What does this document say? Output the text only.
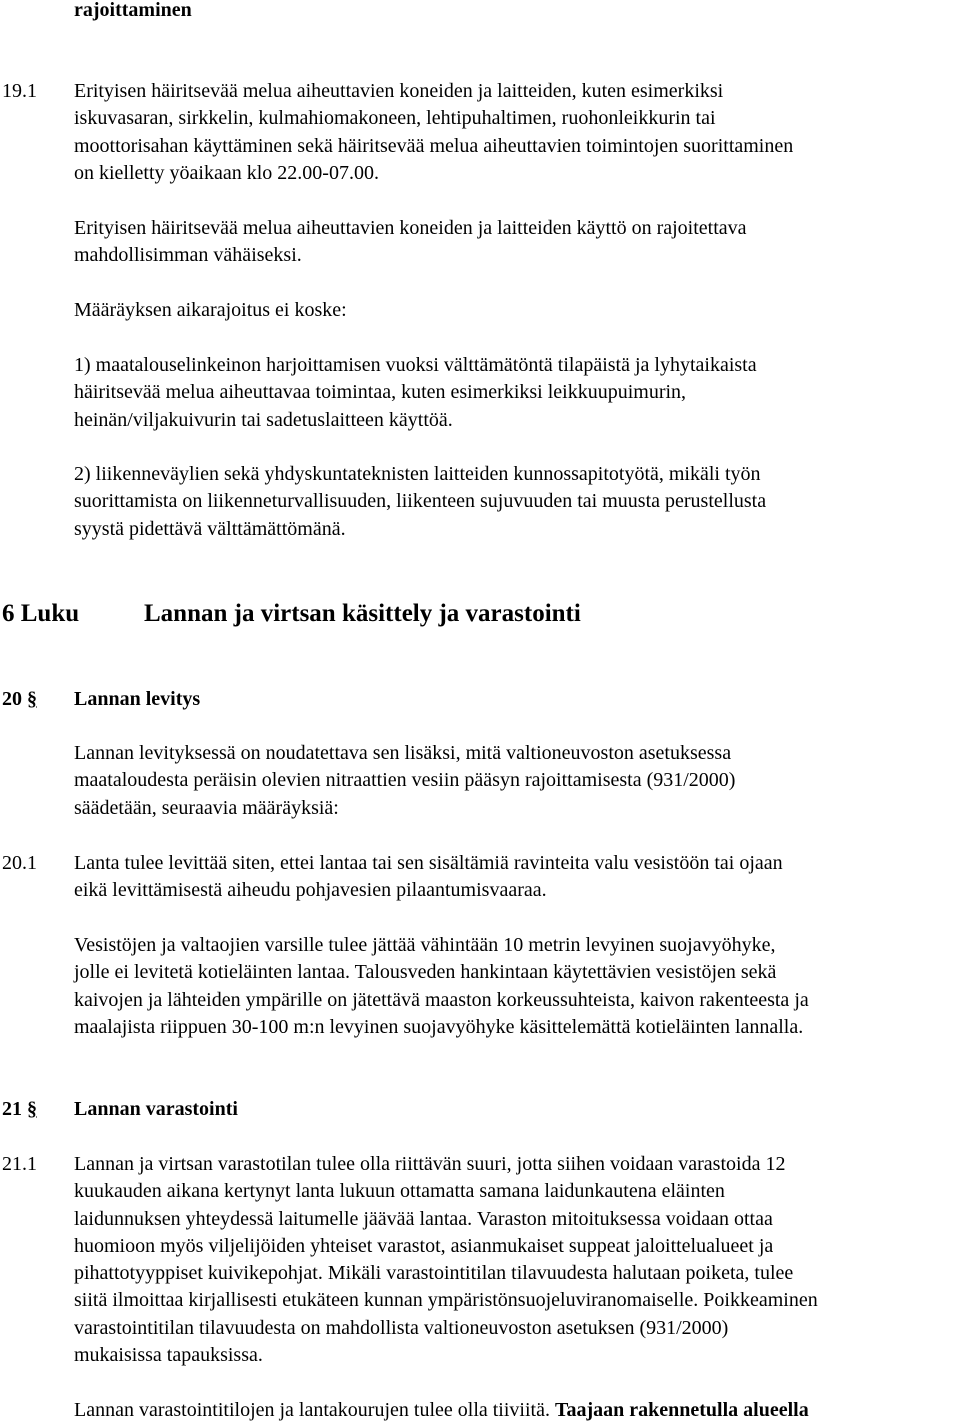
rajoittaminen
19.1 Erityisen häiritsevää melua aiheuttavien koneiden ja laitteiden, kuten esimerkiksi
iskuvasaran, sirkkelin, kulmahiomakoneen, lehtipuhaltimen, ruohonleikkurin tai
moottorisahan käyttäminen sekä häiritsevää melua aiheuttavien toimintojen suorittaminen
on kielletty yöaikaan klo 22.00-07.00.
Erityisen häiritsevää melua aiheuttavien koneiden ja laitteiden käyttö on rajoitettava
mahdollisimman vähäiseksi.
Määräyksen aikarajoitus ei koske:
1) maatalouselinkeinon harjoittamisen vuoksi välttämätöntä tilapäistä ja lyhytaikaista
häiritsevää melua aiheuttavaa toimintaa, kuten esimerkiksi leikkuupuimurin,
heinän/viljakuivurin tai sadetuslaitteen käyttöä.
2) liikenneväylien sekä yhdyskuntateknisten laitteiden kunnossapitotyötä, mikäli työn
suorittamista on liikenneturvallisuuden, liikenteen sujuvuuden tai muusta perustellusta
syystä pidettävä välttämättömänä.
6 Luku	Lannan ja virtsan käsittely ja varastointi
20 § Lannan levitys
Lannan levityksessä on noudatettava sen lisäksi, mitä valtioneuvoston asetuksessa
maataloudesta peräisin olevien nitraattien vesiin pääsyn rajoittamisesta (931/2000)
säädetään, seuraavia määräyksiä:
20.1 Lanta tulee levittää siten, ettei lantaa tai sen sisältämiä ravinteita valu vesistöön tai ojaan
eikä levittämisestä aiheudu pohjavesien pilaantumisvaaraa.
Vesistöjen ja valtaojien varsille tulee jättää vähintään 10 metrin levyinen suojavyöhyke,
jolle ei levitetä kotieläinten lantaa. Talousveden hankintaan käytettävien vesistöjen sekä
kaivojen ja lähteiden ympärille on jätettävä maaston korkeussuhteista, kaivon rakenteesta ja
maalajista riippuen 30-100 m:n levyinen suojavyöhyke käsittelemättä kotieläinten lannalla.
21 § Lannan varastointi
21.1 Lannan ja virtsan varastotilan tulee olla riittävän suuri, jotta siihen voidaan varastoida 12
kuukauden aikana kertynyt lanta lukuun ottamatta samana laidunkautena eläinten
laidunnuksen yhteydessä laitumelle jäävää lantaa. Varaston mitoituksessa voidaan ottaa
huomioon myös viljelijöiden yhteiset varastot, asianmukaiset suppeat jaloittelualueet ja
pihattotyyppiset kuivikepohjat. Mikäli varastointitilan tilavuudesta halutaan poiketa, tulee
siitä ilmoittaa kirjallisesti etukäteen kunnan ympäristönsuojeluviranomaiselle. Poikkeaminen
varastointitilan tilavuudesta on mahdollista valtioneuvoston asetuksen (931/2000)
mukaisissa tapauksissa.
Lannan varastointitilojen ja lantakourujen tulee olla tiiviitä. Taajaan rakennetulla alueella
